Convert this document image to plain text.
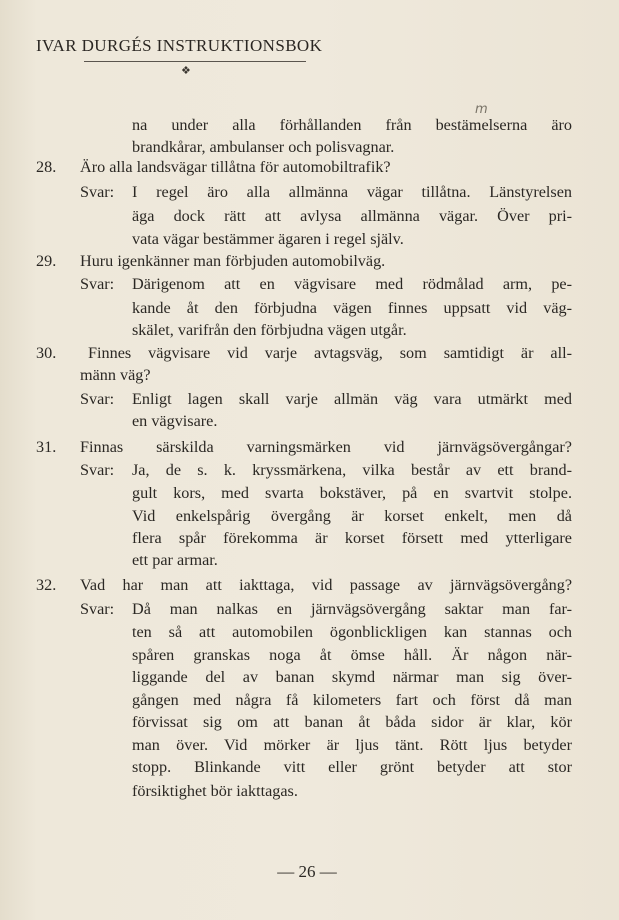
IVAR DURGÉS INSTRUKTIONSBOK
❖
m
na under alla förhållanden från bestämelserna äro
brandkårar, ambulanser och polisvagnar.
28. Äro alla landsvägar tillåtna för automobiltrafik?
Svar: I regel äro alla allmänna vägar tillåtna. Länstyrelsen
äga dock rätt att avlysa allmänna vägar. Över pri-
vata vägar bestämmer ägaren i regel själv.
29. Huru igenkänner man förbjuden automobilväg.
Svar: Därigenom att en vägvisare med rödmålad arm, pe-
kande åt den förbjudna vägen finnes uppsatt vid väg-
skälet, varifrån den förbjudna vägen utgår.
30. Finnes vägvisare vid varje avtagsväg, som samtidigt är all-
männ väg?
Svar: Enligt lagen skall varje allmän väg vara utmärkt med
en vägvisare.
31. Finnas särskilda varningsmärken vid järnvägsövergångar?
Svar: Ja, de s. k. kryssmärkena, vilka består av ett brand-
gult kors, med svarta bokstäver, på en svartvit stolpe.
Vid enkelspårig övergång är korset enkelt, men då
flera spår förekomma är korset försett med ytterligare
ett par armar.
32. Vad har man att iakttaga, vid passage av järnvägsövergång?
Svar: Då man nalkas en järnvägsövergång saktar man far-
ten så att automobilen ögonblickligen kan stannas och
spåren granskas noga åt ömse håll. Är någon när-
liggande del av banan skymd närmar man sig över-
gången med några få kilometers fart och först då man
förvissat sig om att banan åt båda sidor är klar, kör
man över. Vid mörker är ljus tänt. Rött ljus betyder
stopp. Blinkande vitt eller grönt betyder att stor
försiktighet bör iakttagas.
— 26 —
